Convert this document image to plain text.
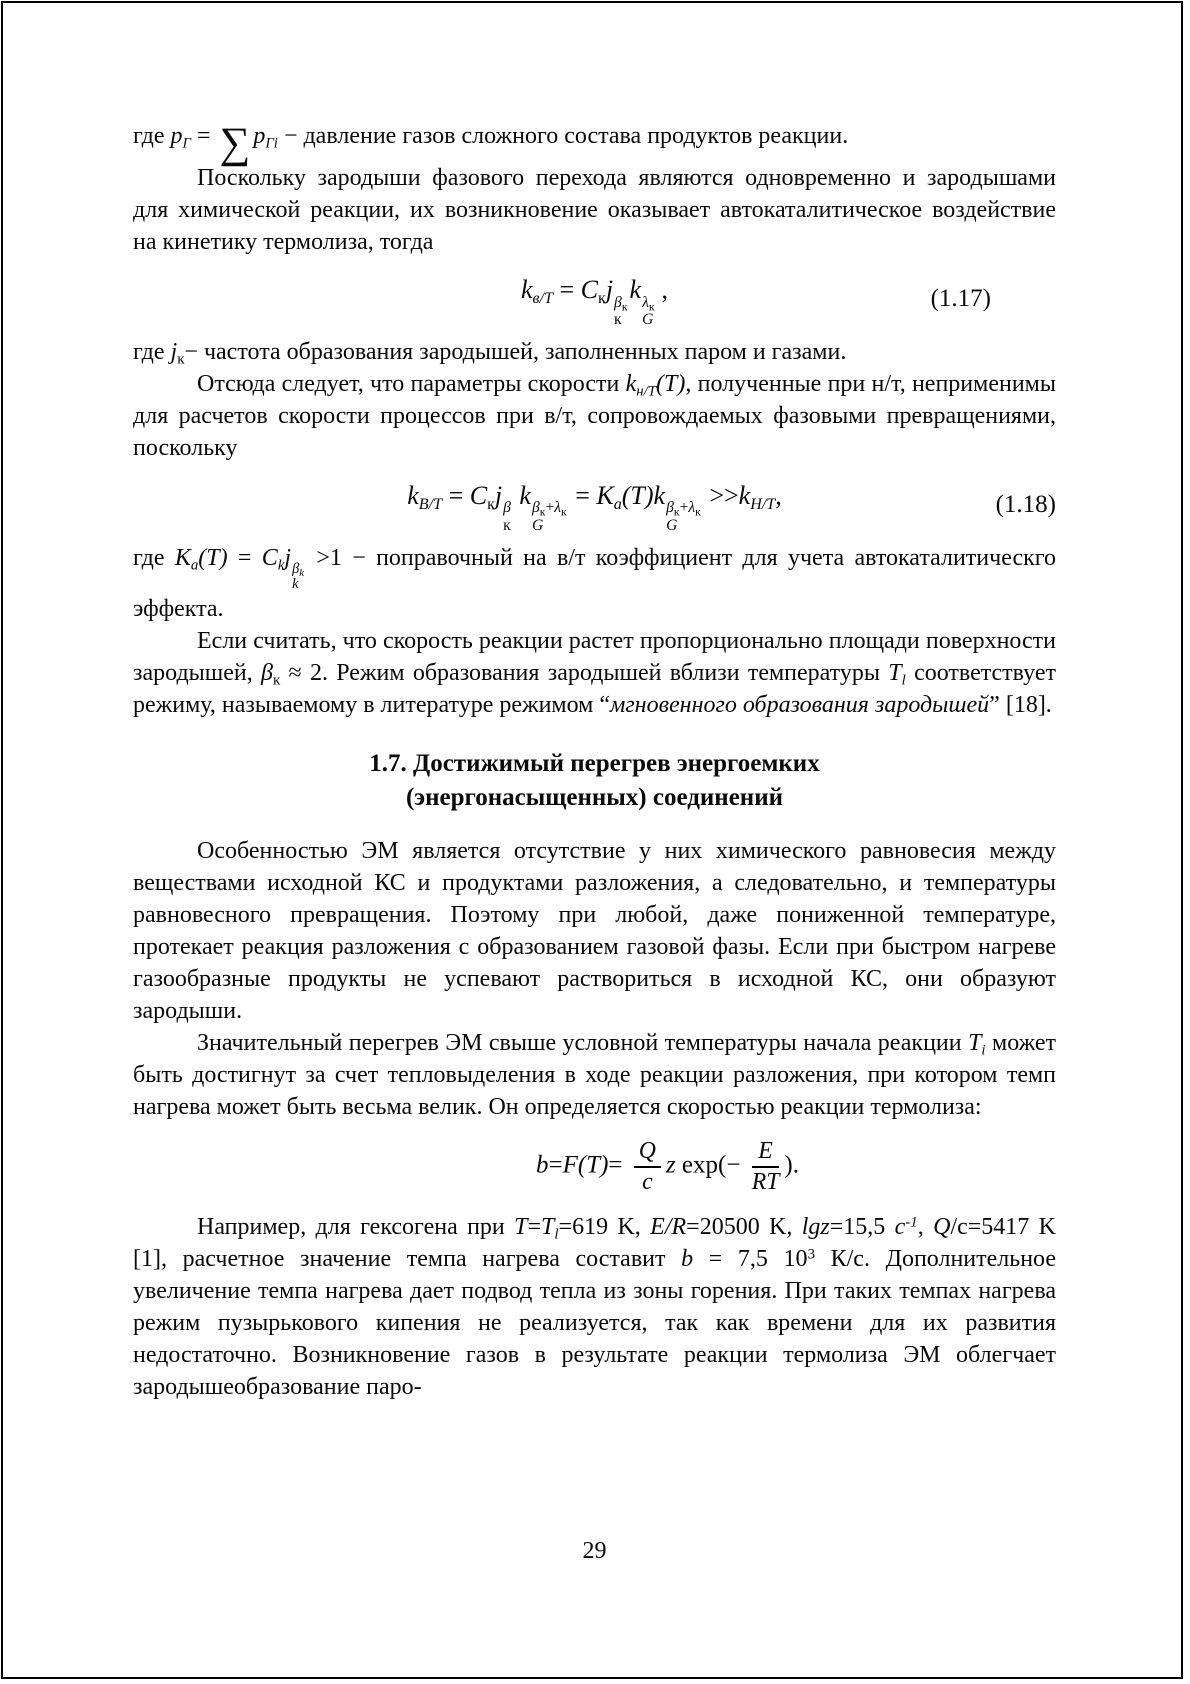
где $p_Г$ = ∑ $p_{Гi}$ − давление газов сложного состава продуктов реакции.

Поскольку зародыши фазового перехода являются одновременно и зародышами для химической реакции, их возникновение оказывает автокаталитическое воздействие на кинетику термолиза, тогда

$k_{в/T} = C_кj$ $\beta_к$
к
k $\lambda_к$
G
,	(1.17)

где $j_к-$ частота образования зародышей, заполненных паром и газами.

Отсюда следует, что параметры скорости $k_{н/T}(T)$, полученные при н/т, неприменимы для расчетов скорости процессов при в/т, сопровождаемых фазовыми превращениями, поскольку

$k_{B/T} = C_кj$ β
к
k $\beta_к+\lambda_к$
G
= $K_a(T)k$ $\beta_к+\lambda_к$
G
$>>k_{H/T}$,	(1.18)

где $K_a(T) = C_kj$ $\beta_k$
k
>1 − поправочный на в/т коэффициент для учета автокаталитическго эффекта.

Если считать, что скорость реакции растет пропорционально площади поверхности зародышей, $\beta_к \approx 2$. Режим образования зародышей вблизи температуры $T_l$ соответствует режиму, называемому в литературе режимом “мгновенного образования зародышей” [18].

1.7. Достижимый перегрев энергоемких
(энергонасыщенных) соединений

Особенностью ЭМ является отсутствие у них химического равновесия между веществами исходной КС и продуктами разложения, а следовательно, и температуры равновесного превращения. Поэтому при любой, даже пониженной температуре, протекает реакция разложения с образованием газовой фазы. Если при быстром нагреве газообразные продукты не успевают раствориться в исходной КС, они образуют зародыши.

Значительный перегрев ЭМ свыше условной температуры начала реакции $T_i$ может быть достигнут за счет тепловыделения в ходе реакции разложения, при котором темп нагрева может быть весьма велик. Он определяется скоростью реакции термолиза:

$b=F(T)= \frac{Q}{c}$ z $\exp(- \frac{E}{RT}$ ).

Например, для гексогена при $T=T_l=619$ K, E/R=20500 K, lgz=15,5 $c^{-1}$, Q/c=5417 K [1], расчетное значение темпа нагрева составит b = 7,5 $10^3$ К/с. Дополнительное увеличение темпа нагрева дает подвод тепла из зоны горения. При таких темпах нагрева режим пузырькового кипения не реализуется, так как времени для их развития недостаточно. Возникновение газов в результате реакции термолиза ЭМ облегчает зародышеобразование паро-

29
